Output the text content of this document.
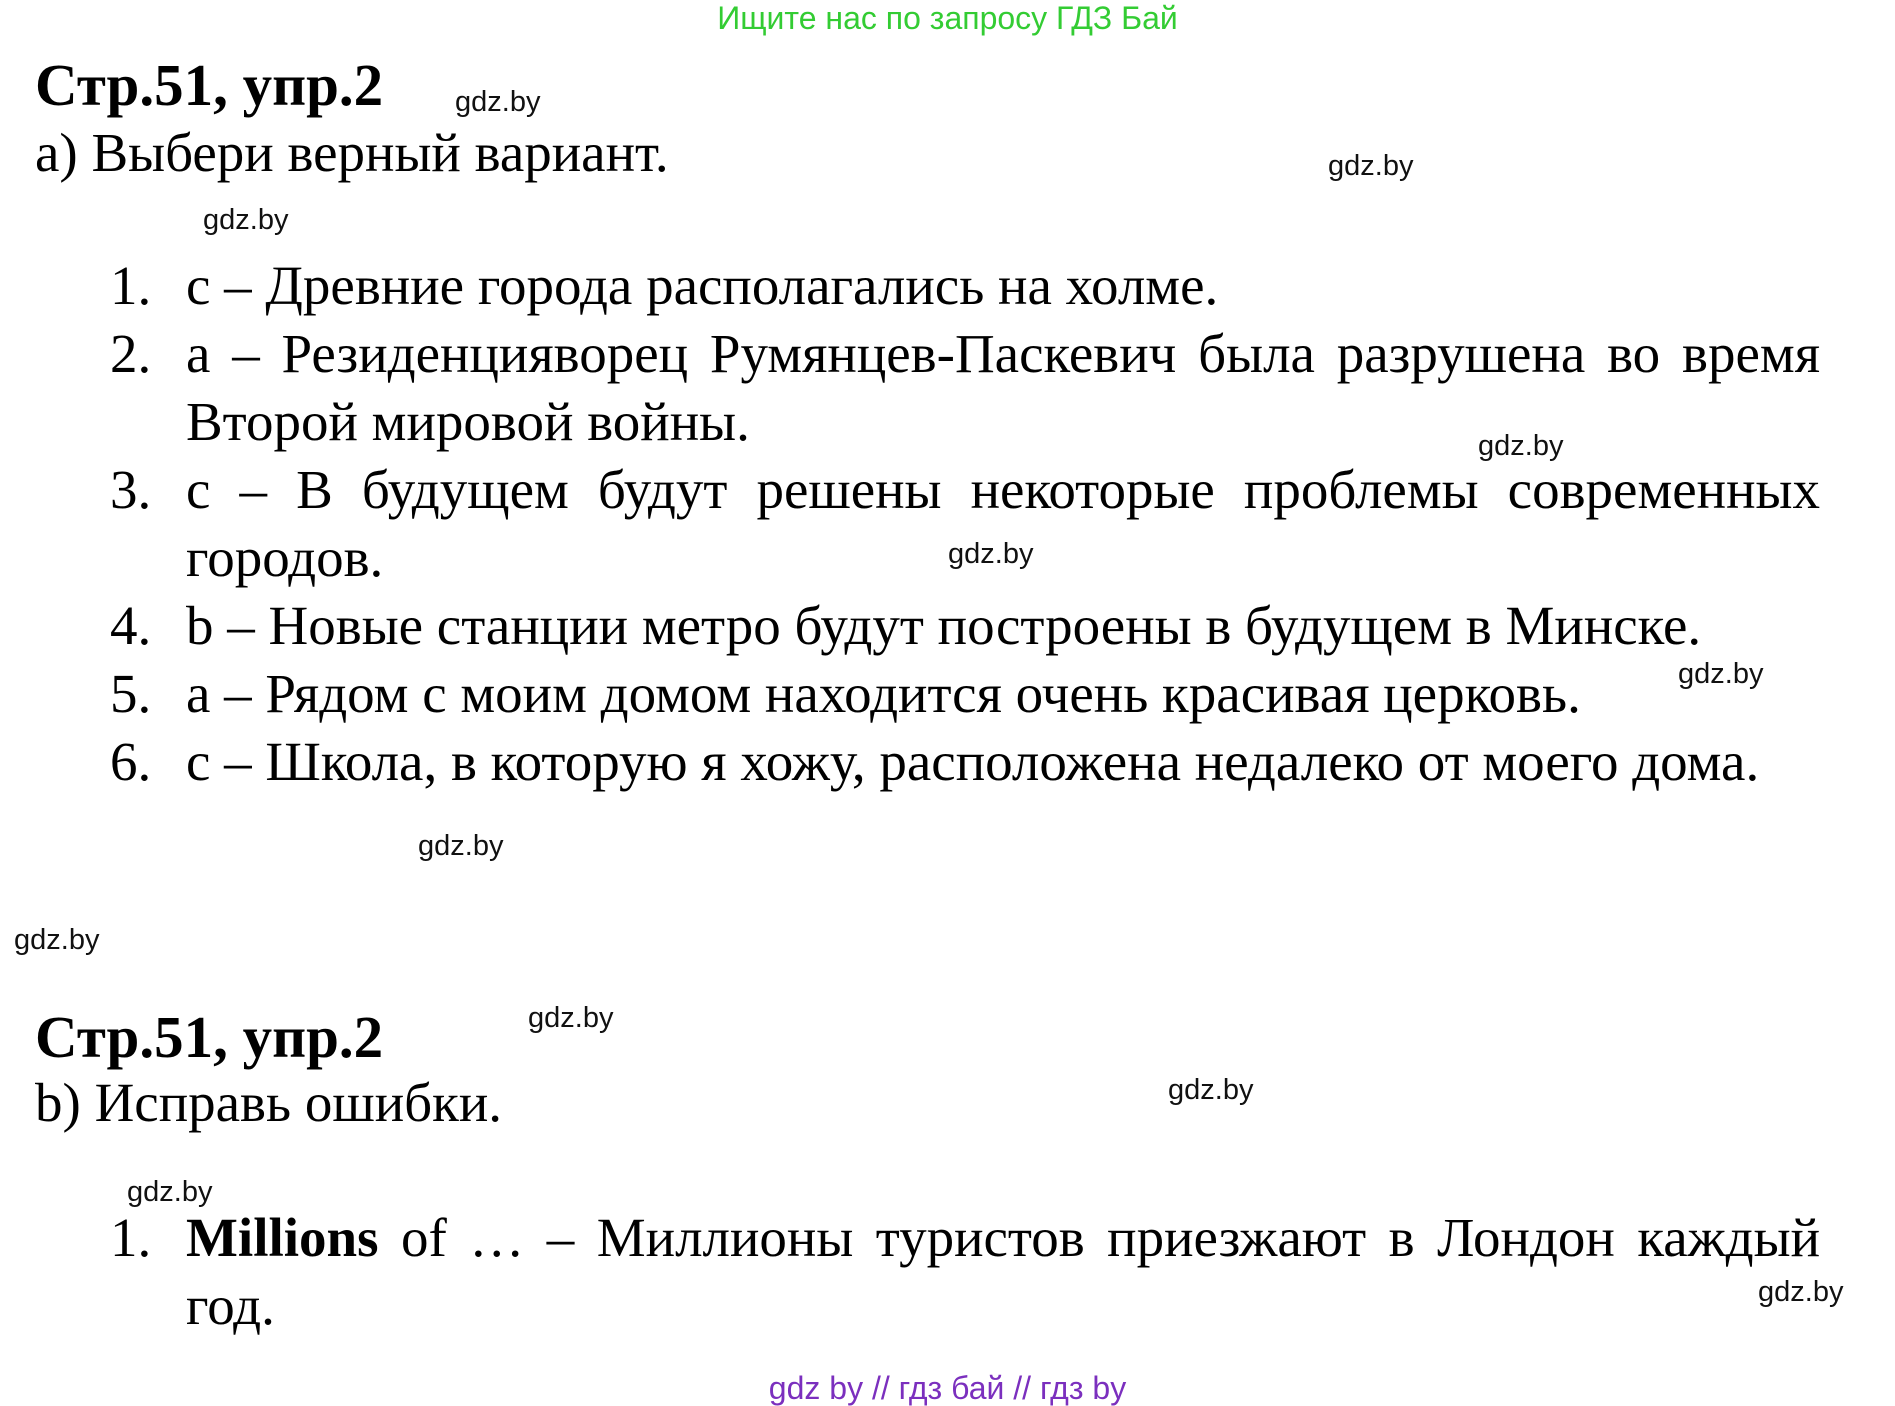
Ищите нас по запросу ГДЗ Бай
Стр.51, упр.2
a) Выбери верный вариант.
1. c – Древние города располагались на холме.
2. a – Резиденцияворец Румянцев-Паскевич была разрушена во время Второй мировой войны.
3. c – В будущем будут решены некоторые проблемы современных городов.
4. b – Новые станции метро будут построены в будущем в Минске.
5. a – Рядом с моим домом находится очень красивая церковь.
6. c – Школа, в которую я хожу, расположена недалеко от моего дома.
Стр.51, упр.2
b) Исправь ошибки.
1. Millions of … – Миллионы туристов приезжают в Лондон каждый год.
gdz.by
gdz.by
gdz.by
gdz.by
gdz.by
gdz.by
gdz.by
gdz.by
gdz.by
gdz.by
gdz.by
gdz.by
gdz by // гдз бай // гдз by
